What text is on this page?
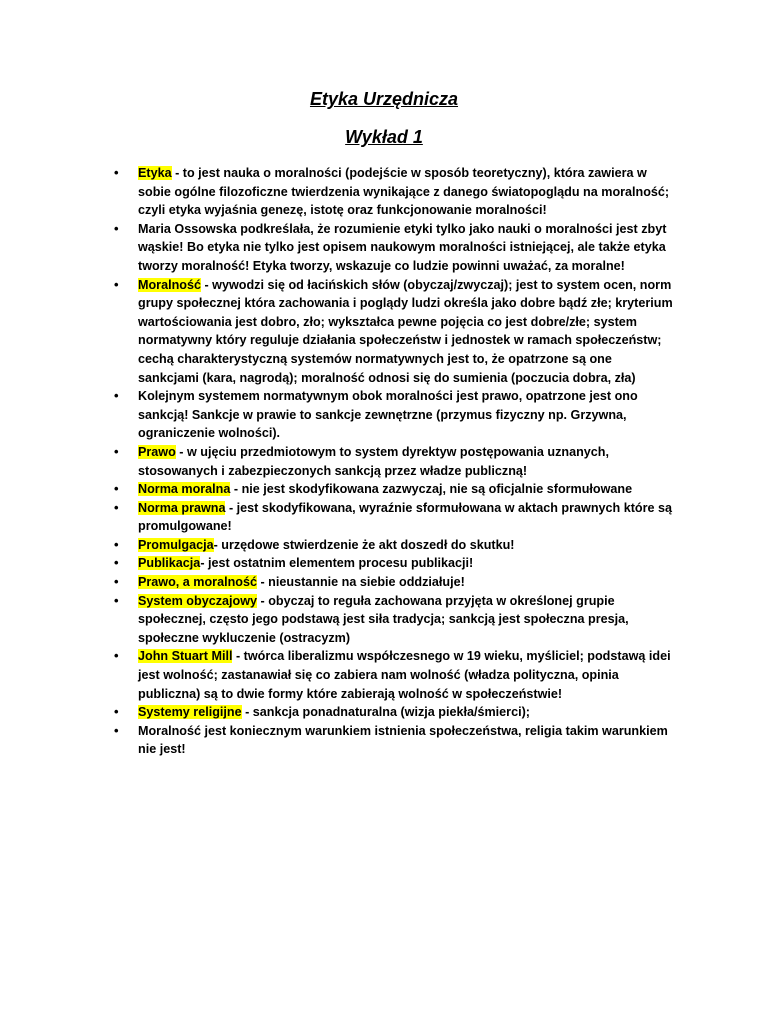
Etyka Urzędnicza
Wykład 1
• Etyka - to jest nauka o moralności (podejście w sposób teoretyczny), która zawiera w sobie ogólne filozoficzne twierdzenia wynikające z danego światopoglądu na moralność; czyli etyka wyjaśnia genezę, istotę oraz funkcjonowanie moralności!
• Maria Ossowska podkreślała, że rozumienie etyki tylko jako nauki o moralności jest zbyt wąskie! Bo etyka nie tylko jest opisem naukowym moralności istniejącej, ale także etyka tworzy moralność! Etyka tworzy, wskazuje co ludzie powinni uważać, za moralne!
• Moralność - wywodzi się od łacińskich słów (obyczaj/zwyczaj); jest to system ocen, norm grupy społecznej która zachowania i poglądy ludzi określa jako dobre bądź złe; kryterium wartościowania jest dobro, zło; wykształca pewne pojęcia co jest dobre/złe; system normatywny który reguluje działania społeczeństw i jednostek w ramach społeczeństw; cechą charakterystyczną systemów normatywnych jest to, że opatrzone są one sankcjami (kara, nagrodą); moralność odnosi się do sumienia (poczucia dobra, zła)
• Kolejnym systemem normatywnym obok moralności jest prawo, opatrzone jest ono sankcją! Sankcje w prawie to sankcje zewnętrzne (przymus fizyczny np. Grzywna, ograniczenie wolności).
• Prawo - w ujęciu przedmiotowym to system dyrektyw postępowania uznanych, stosowanych i zabezpieczonych sankcją przez władze publiczną!
• Norma moralna - nie jest skodyfikowana zazwyczaj, nie są oficjalnie sformułowane
• Norma prawna - jest skodyfikowana, wyraźnie sformułowana w aktach prawnych które są promulgowane!
• Promulgacja- urzędowe stwierdzenie że akt doszedł do skutku!
• Publikacja- jest ostatnim elementem procesu publikacji!
• Prawo, a moralność - nieustannie na siebie oddziałuje!
• System obyczajowy - obyczaj to reguła zachowana przyjęta w określonej grupie społecznej, często jego podstawą jest siła tradycja; sankcją jest społeczna presja, społeczne wykluczenie (ostracyzm)
• John Stuart Mill - twórca liberalizmu współczesnego w 19 wieku, myśliciel; podstawą idei jest wolność; zastanawiał się co zabiera nam wolność (władza polityczna, opinia publiczna) są to dwie formy które zabierają wolność w społeczeństwie!
• Systemy religijne - sankcja ponadnaturalna (wizja piekła/śmierci);
• Moralność jest koniecznym warunkiem istnienia społeczeństwa, religia takim warunkiem nie jest!
